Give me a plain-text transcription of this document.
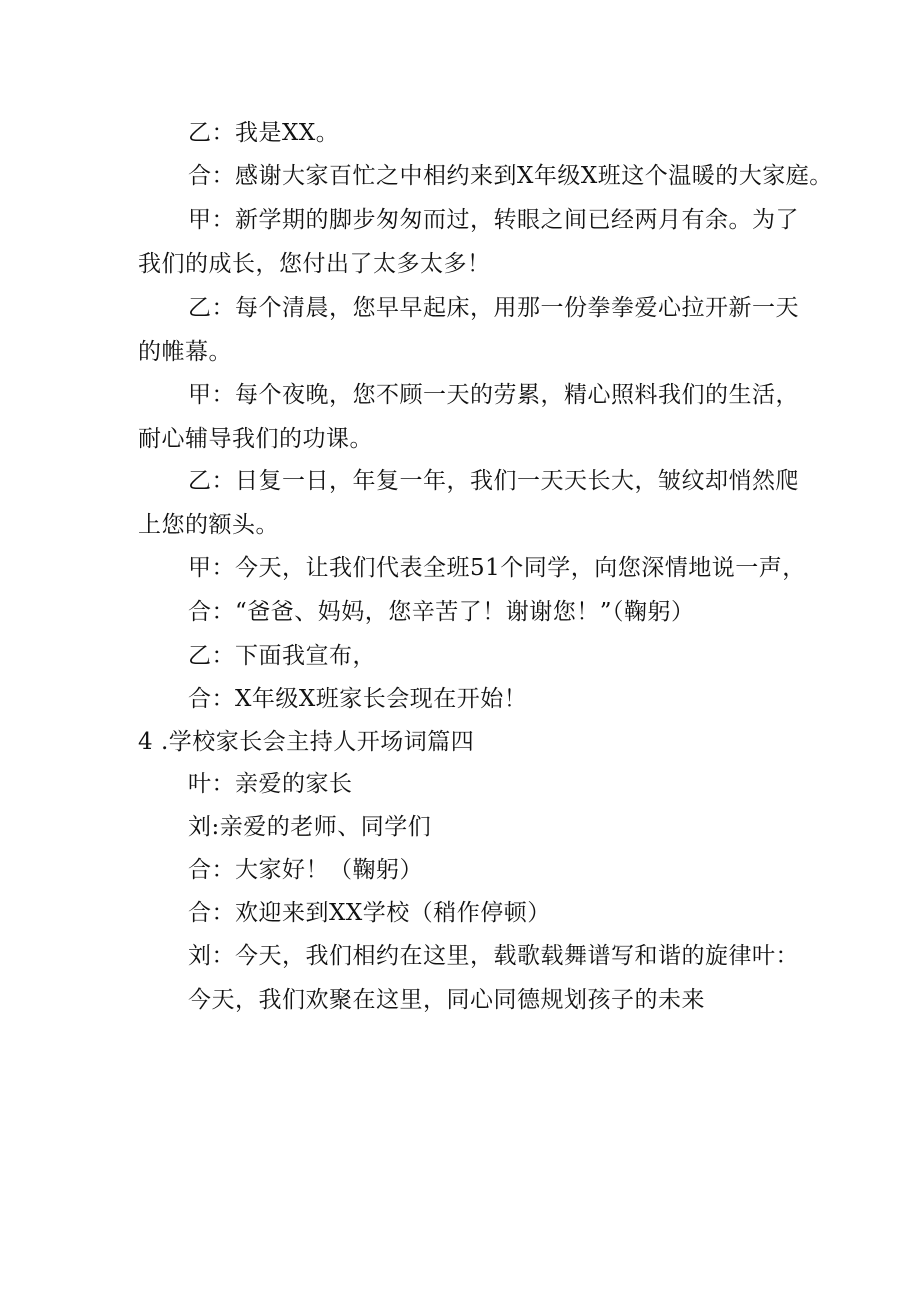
乙：我是XX。
合：感谢大家百忙之中相约来到X年级X班这个温暖的大家庭。
甲：新学期的脚步匆匆而过，转眼之间已经两月有余。为了
我们的成长，您付出了太多太多！
乙：每个清晨，您早早起床，用那一份拳拳爱心拉开新一天
的帷幕。
甲：每个夜晚，您不顾一天的劳累，精心照料我们的生活，
耐心辅导我们的功课。
乙：日复一日，年复一年，我们一天天长大，皱纹却悄然爬
上您的额头。
甲：今天，让我们代表全班51个同学，向您深情地说一声，
合：“爸爸、妈妈，您辛苦了！谢谢您！”（鞠躬）
乙：下面我宣布，
合：X年级X班家长会现在开始！
4 .学校家长会主持人开场词篇四
叶：亲爱的家长
刘:亲爱的老师、同学们
合：大家好！（鞠躬）
合：欢迎来到XX学校（稍作停顿）
刘：今天，我们相约在这里，载歌载舞谱写和谐的旋律叶：
今天，我们欢聚在这里，同心同德规划孩子的未来
